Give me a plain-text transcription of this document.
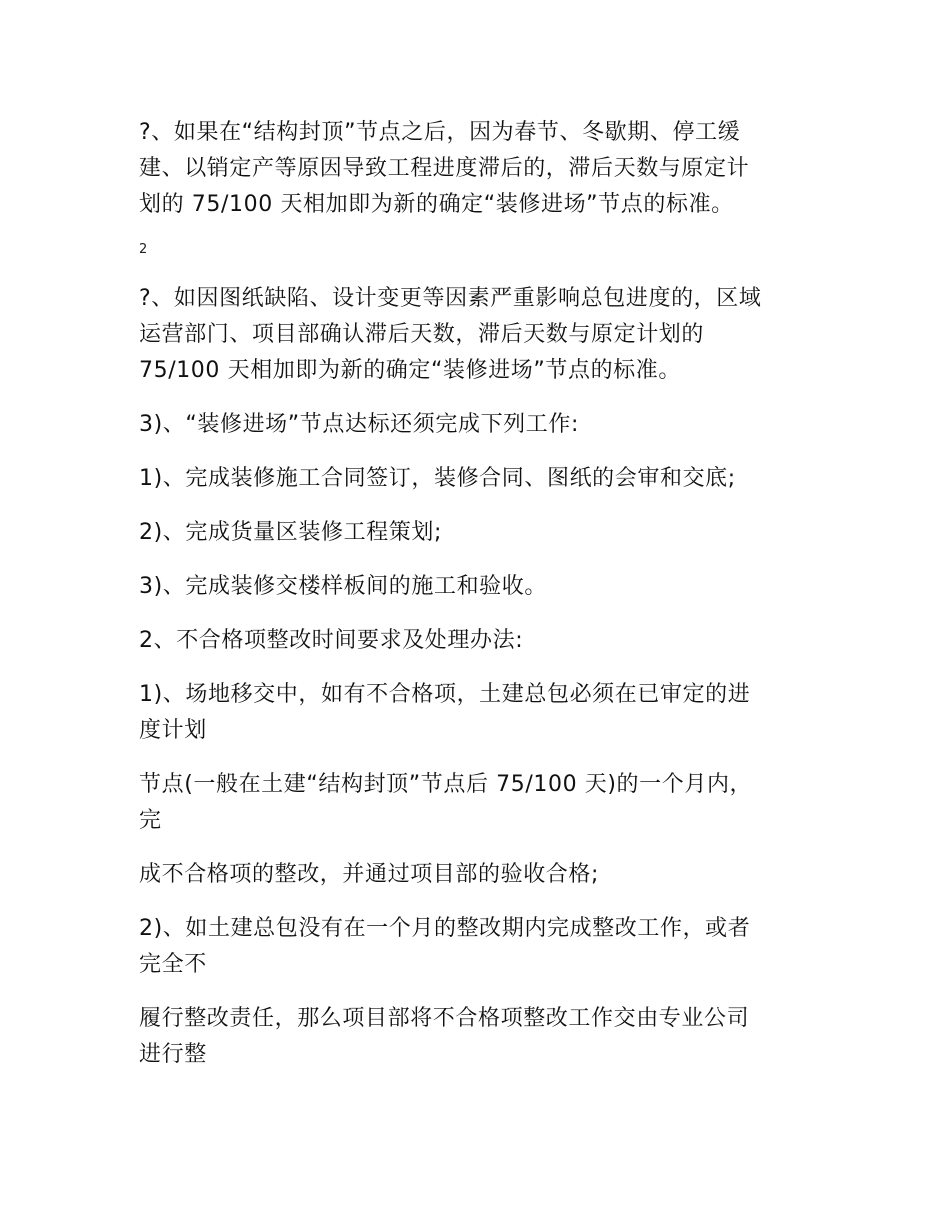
?、如果在“结构封顶”节点之后，因为春节、冬歇期、停工缓
建、以销定产等原因导致工程进度滞后的，滞后天数与原定计
划的 75/100 天相加即为新的确定“装修进场”节点的标准。

2

?、如因图纸缺陷、设计变更等因素严重影响总包进度的，区域
运营部门、项目部确认滞后天数，滞后天数与原定计划的
75/100 天相加即为新的确定“装修进场”节点的标准。

3)、“装修进场”节点达标还须完成下列工作:

1)、完成装修施工合同签订，装修合同、图纸的会审和交底;

2)、完成货量区装修工程策划;

3)、完成装修交楼样板间的施工和验收。

2、不合格项整改时间要求及处理办法:

1)、场地移交中，如有不合格项，土建总包必须在已审定的进
度计划

节点(一般在土建“结构封顶”节点后 75/100 天)的一个月内，
完

成不合格项的整改，并通过项目部的验收合格;

2)、如土建总包没有在一个月的整改期内完成整改工作，或者
完全不

履行整改责任，那么项目部将不合格项整改工作交由专业公司
进行整
